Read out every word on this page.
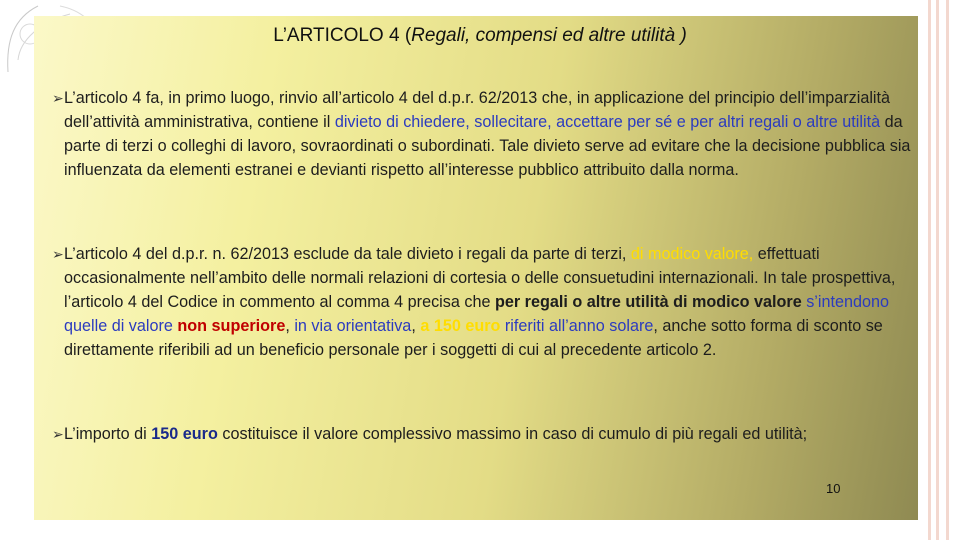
L’ARTICOLO 4 (Regali, compensi ed altre utilità )
➢ L’articolo 4 fa, in primo luogo, rinvio all’articolo 4 del d.p.r. 62/2013 che, in applicazione del principio dell’imparzialità dell’attività amministrativa, contiene il divieto di chiedere, sollecitare, accettare per sé e per altri regali o altre utilità da parte di terzi o colleghi di lavoro, sovraordinati o subordinati. Tale divieto serve ad evitare che la decisione pubblica sia influenzata da elementi estranei e devianti rispetto all’interesse pubblico attribuito dalla norma.

➢ L’articolo 4 del d.p.r. n. 62/2013 esclude da tale divieto i regali da parte di terzi, di modico valore, effettuati occasionalmente nell’ambito delle normali relazioni di cortesia o delle consuetudini internazionali. In tale prospettiva, l’articolo 4 del Codice in commento al comma 4 precisa che per regali o altre utilità di modico valore s’intendono quelle di valore non superiore, in via orientativa, a 150 euro riferiti all’anno solare, anche sotto forma di sconto se direttamente riferibili ad un beneficio personale per i soggetti di cui al precedente articolo 2.

➢ L’importo di 150 euro costituisce il valore complessivo massimo in caso di cumulo di più regali ed utilità;

10
